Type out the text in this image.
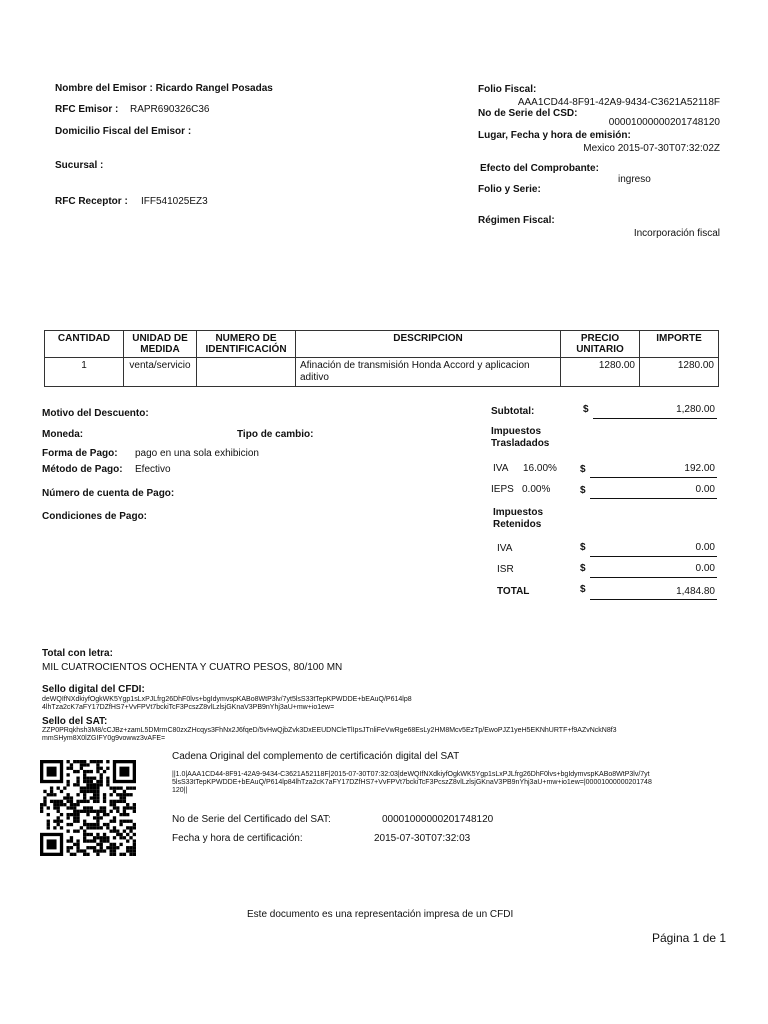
Nombre del Emisor : Ricardo Rangel Posadas
RFC Emisor : RAPR690326C36
Domicilio Fiscal del Emisor :
Sucursal :
RFC Receptor : IFF541025EZ3
Folio Fiscal:
AAA1CD44-8F91-42A9-9434-C3621A52118F
No de Serie del CSD:
00001000000201748120
Lugar, Fecha y hora de emisión:
Mexico 2015-07-30T07:32:02Z
Efecto del Comprobante:
ingreso
Folio y Serie:
Régimen Fiscal:
Incorporación fiscal
CANTIDAD	UNIDAD DE MEDIDA	NUMERO DE IDENTIFICACIÓN	DESCRIPCION	PRECIO UNITARIO	IMPORTE
1	venta/servicio		Afinación de transmisión Honda Accord y aplicacion aditivo	1280.00	1280.00
Motivo del Descuento:
Moneda:	Tipo de cambio:
Forma de Pago: pago en una sola exhibicion
Método de Pago: Efectivo
Número de cuenta de Pago:
Condiciones de Pago:
Subtotal:	$	1,280.00
Impuestos Trasladados
IVA 16.00% $	192.00
IEPS 0.00%	$	0.00
Impuestos Retenidos
IVA	$	0.00
ISR	$	0.00
TOTAL	$	1,484.80
Total con letra:
MIL CUATROCIENTOS OCHENTA Y CUATRO PESOS, 80/100 MN
Sello digital del CFDI:
deWQIfNXdkiyfOgkWK5Ygp1sLxPJLfrg26DhF0lvs+bgIdymvspKABo8WtP3lv/7yt5lsS33tTepKPWDDE+bEAuQ/P614lp84lhTza2cK7aFY17DZfHS7+VvFPVt7bckiTcF3PcszZ8vlLzlsjGKnaV3PB9nYhj3aU+mw+io1ew=
Sello del SAT:
ZZP0PRqkhsh3M8/cCJBz+zamL5DMrmC80zxZHcqys3FhNx2J6fqeD/5vHwQjbZvk3DxEEUDNCleTlIpsJTnliFeVwRge68EsLy2HM8Mcv5EzTp/EwoPJZ1yeH5EKNhURTF+f9AZvNckN8f3mmSHym8X0lZGIFY0g9vowwz3vAFE=
Cadena Original del complemento de certificación digital del SAT
||1.0|AAA1CD44-8F91-42A9-9434-C3621A52118F|2015-07-30T07:32:03|deWQIfNXdkiyfOgkWK5Ygp1sLxPJLfrg26DhF0lvs+bgIdymvspKABo8WtP3lv/7yt5lsS33tTepKPWDDE+bEAuQ/P614lp84lhTza2cK7aFY17DZfHS7+VvFPVt7bckiTcF3PcszZ8vlLzlsjGKnaV3PB9nYhj3aU+mw+io1ew=|00001000000201748120||
No de Serie del Certificado del SAT:	00001000000201748120
Fecha y hora de certificación:	2015-07-30T07:32:03
Este documento es una representación impresa de un CFDI
Página 1 de 1
